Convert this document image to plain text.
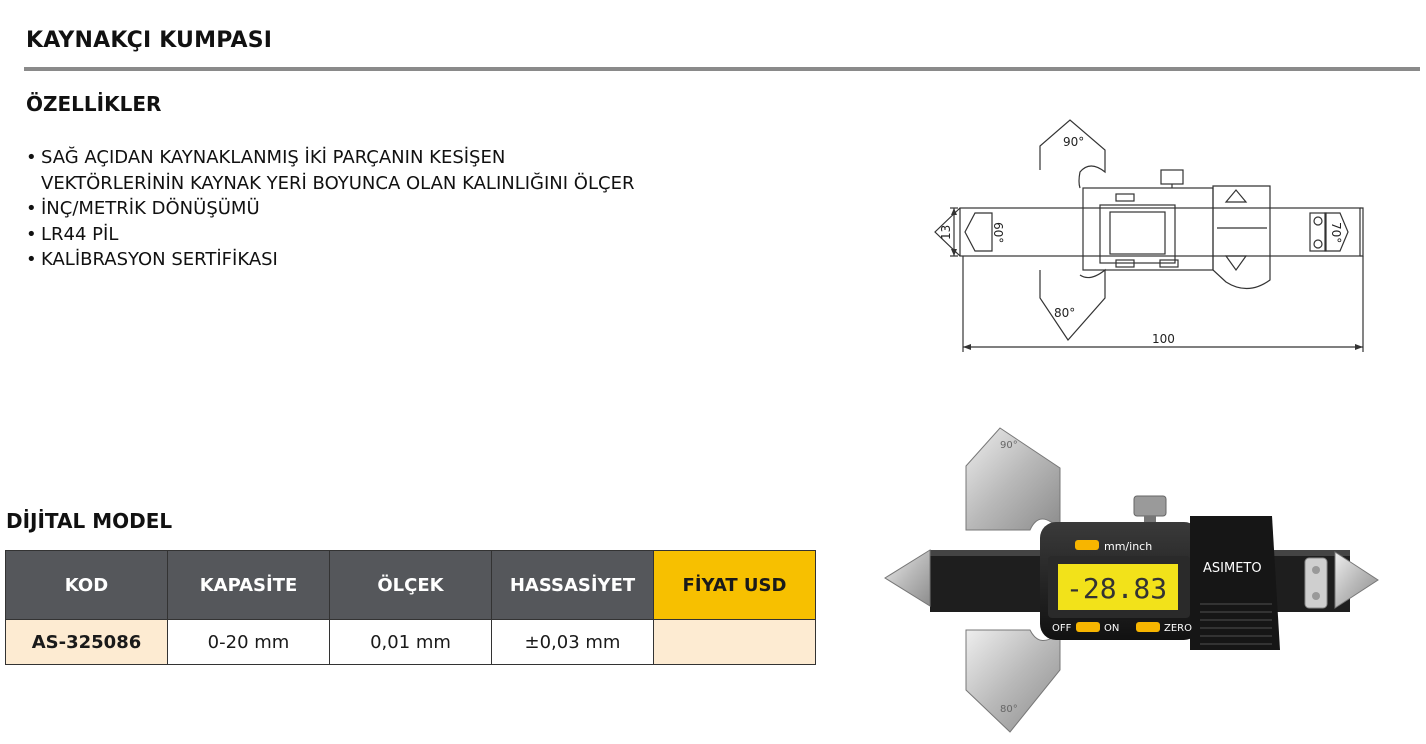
KAYNAKÇI KUMPASI
ÖZELLİKLER
• SAĞ AÇIDAN KAYNAKLANMIŞ İKİ PARÇANIN KESİŞEN
VEKTÖRLERİNİN KAYNAK YERİ BOYUNCA OLAN KALINLIĞINI ÖLÇER
• İNÇ/METRİK DÖNÜŞÜMÜ
• LR44 PİL
• KALİBRASYON SERTİFİKASI
DİJİTAL MODEL
KOD	KAPASİTE	ÖLÇEK	HASSASİYET	FİYAT USD
AS-325086	0-20 mm	0,01 mm	±0,03 mm	
90°
80°
60°	70°
13
100
mm/inch
-28.83
ASIMETO
OFF	ON	ZERO
90°
80°
